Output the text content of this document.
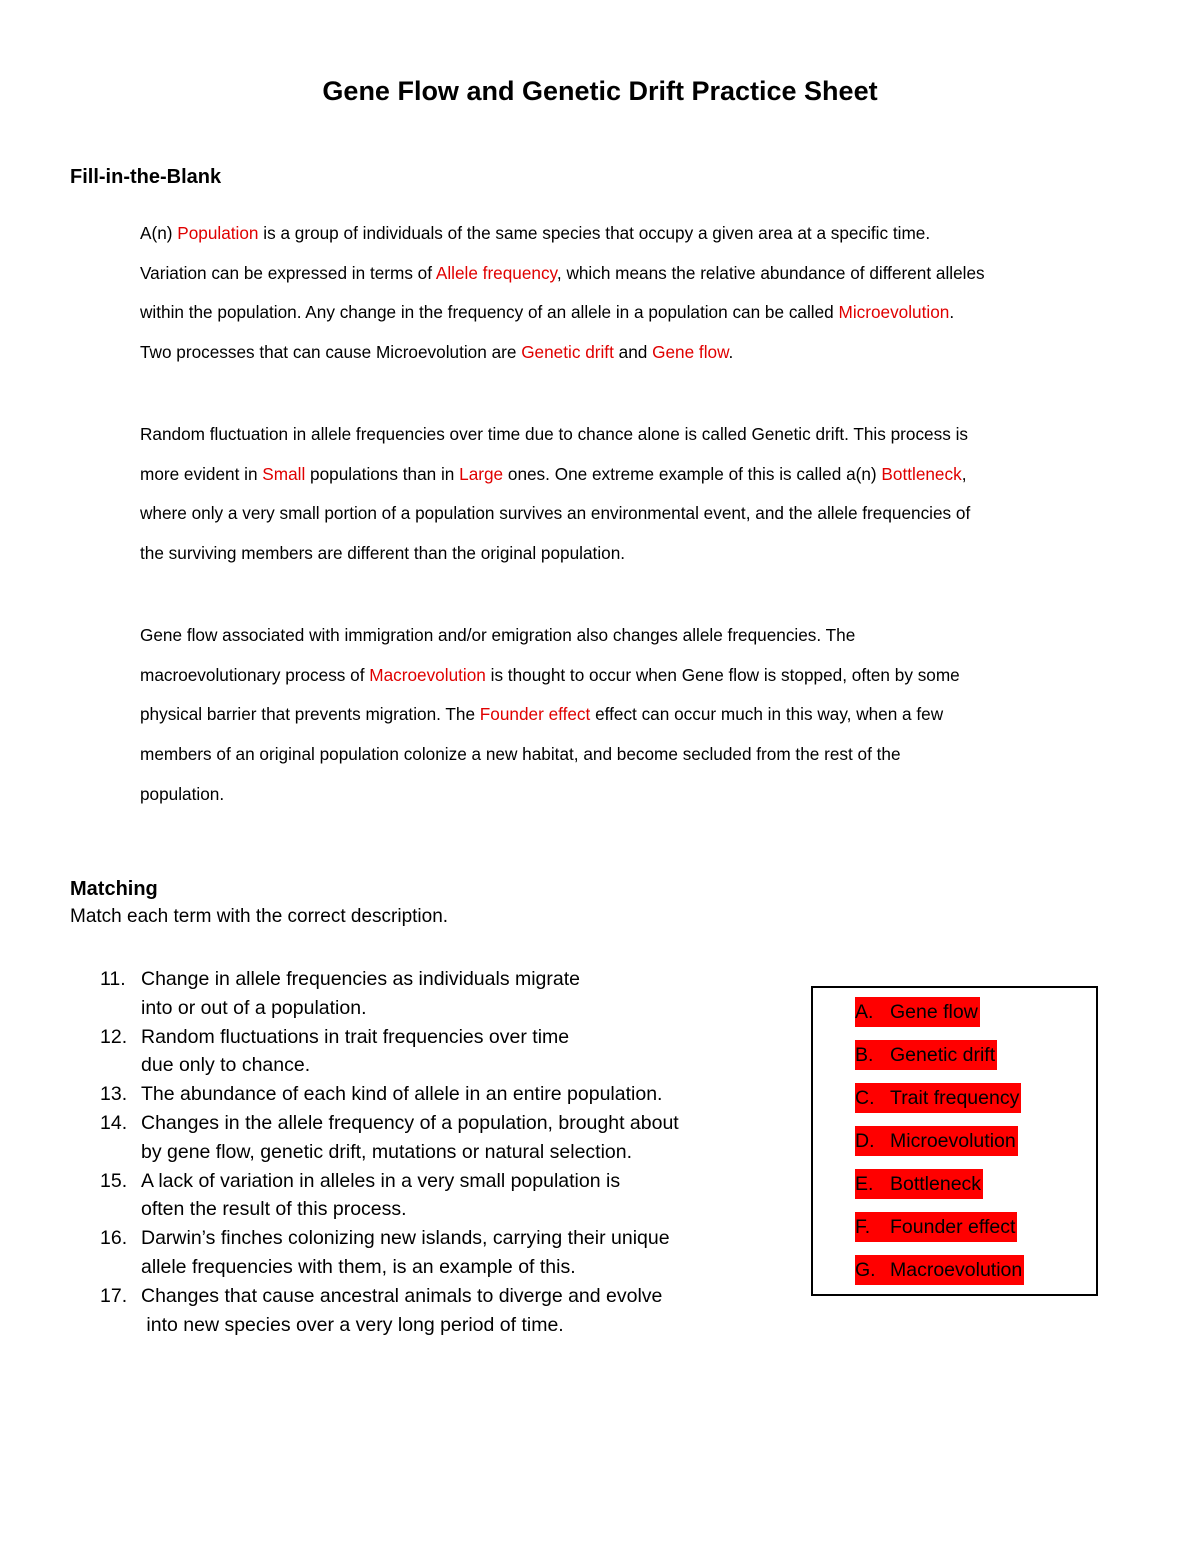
Gene Flow and Genetic Drift Practice Sheet
Fill-in-the-Blank
A(n) Population is a group of individuals of the same species that occupy a given area at a specific time.
Variation can be expressed in terms of Allele frequency, which means the relative abundance of different alleles
within the population. Any change in the frequency of an allele in a population can be called Microevolution.
Two processes that can cause Microevolution are Genetic drift and Gene flow.
Random fluctuation in allele frequencies over time due to chance alone is called Genetic drift. This process is
more evident in Small populations than in Large ones. One extreme example of this is called a(n) Bottleneck,
where only a very small portion of a population survives an environmental event, and the allele frequencies of
the surviving members are different than the original population.
Gene flow associated with immigration and/or emigration also changes allele frequencies. The
macroevolutionary process of Macroevolution is thought to occur when Gene flow is stopped, often by some
physical barrier that prevents migration. The Founder effect effect can occur much in this way, when a few
members of an original population colonize a new habitat, and become secluded from the rest of the
population.
Matching
Match each term with the correct description.
11. Change in allele frequencies as individuals migrate
into or out of a population.
12. Random fluctuations in trait frequencies over time
due only to chance.
13. The abundance of each kind of allele in an entire population.
14. Changes in the allele frequency of a population, brought about
by gene flow, genetic drift, mutations or natural selection.
15. A lack of variation in alleles in a very small population is
often the result of this process.
16. Darwin’s finches colonizing new islands, carrying their unique
allele frequencies with them, is an example of this.
17. Changes that cause ancestral animals to diverge and evolve
into new species over a very long period of time.
A. Gene flow
B. Genetic drift
C. Trait frequency
D. Microevolution
E. Bottleneck
F. Founder effect
G. Macroevolution
